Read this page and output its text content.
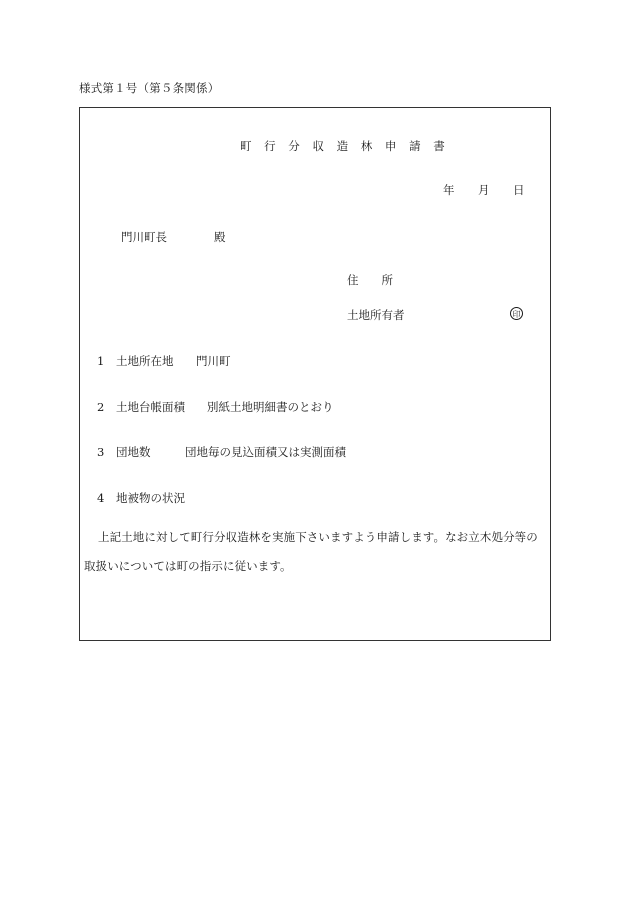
様式第１号（第５条関係）
町 行 分 収 造 林 申 請 書
年 月 日
門川町長	殿
住　　所
土地所有者	印
1 土地所在地 門川町
2 土地台帳面積 別紙土地明細書のとおり
3 団地数	団地毎の見込面積又は実測面積
4 地被物の状況
上記土地に対して町行分収造林を実施下さいますよう申請します。なお立木処分等の取扱いについては町の指示に従います。
